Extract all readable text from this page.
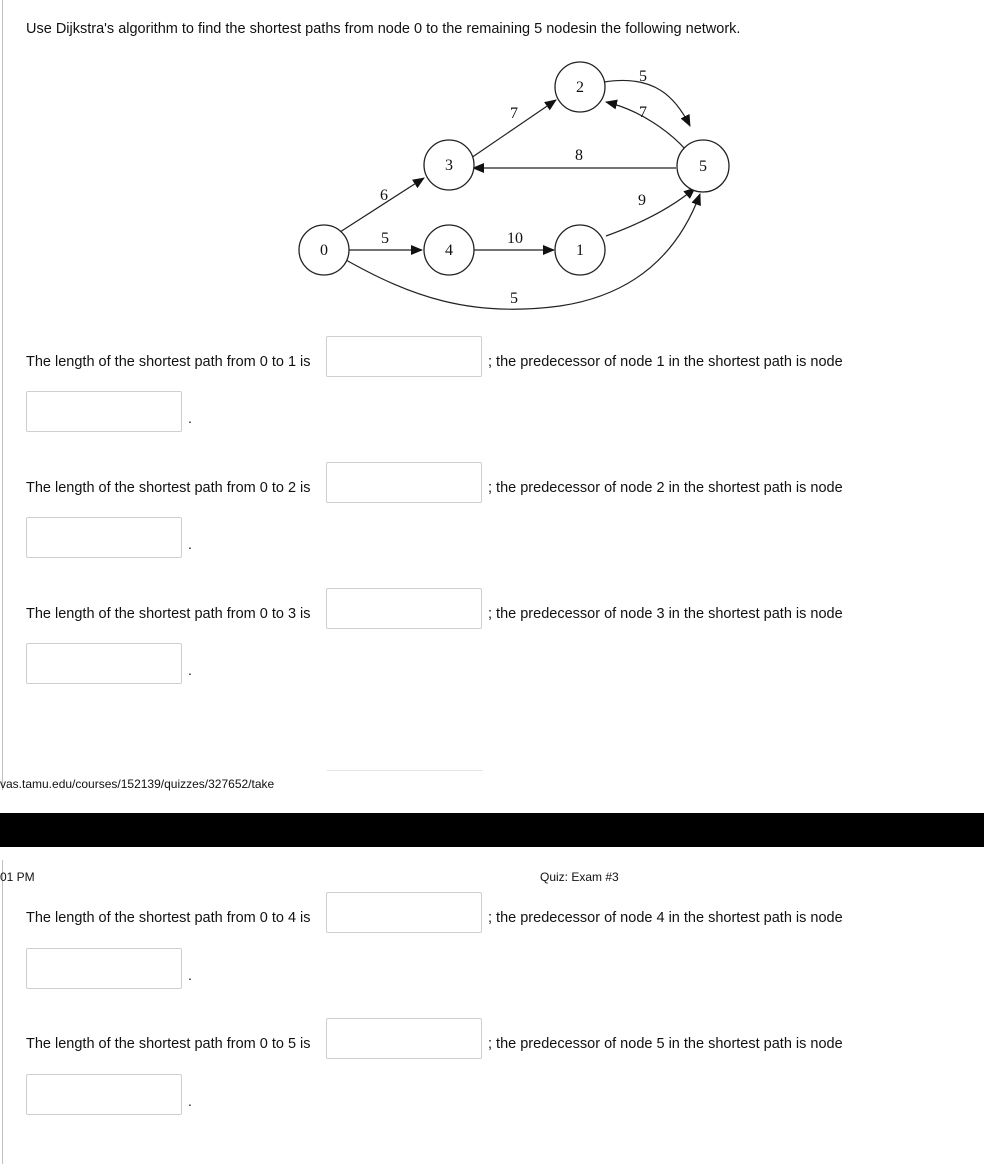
Use Dijkstra's algorithm to find the shortest paths from node 0 to the remaining 5 nodesin the following network.
0	1
2
3
4
5
6
5
5
7
10
9
8
5
7
The length of the shortest path from 0 to 1 is	; the predecessor of node 1 in the shortest path is node
.
The length of the shortest path from 0 to 2 is	; the predecessor of node 2 in the shortest path is node
.
The length of the shortest path from 0 to 3 is	; the predecessor of node 3 in the shortest path is node
.
vas.tamu.edu/courses/152139/quizzes/327652/take
01 PM	Quiz: Exam #3
The length of the shortest path from 0 to 4 is	; the predecessor of node 4 in the shortest path is node
.
The length of the shortest path from 0 to 5 is	; the predecessor of node 5 in the shortest path is node
.
